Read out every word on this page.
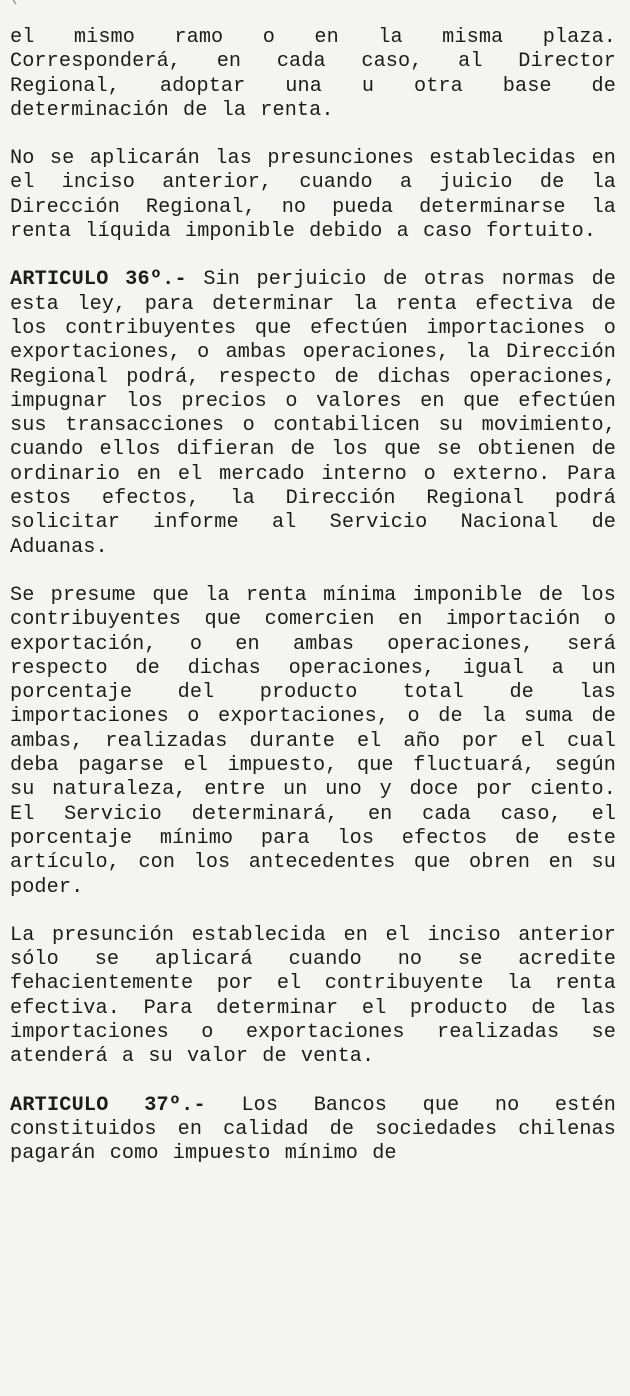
el mismo ramo o en la misma plaza. Corresponderá, en cada caso, al Director Regional, adoptar una u otra base de determinación de la renta.

No se aplicarán las presunciones establecidas en el inciso anterior, cuando a juicio de la Dirección Regional, no pueda determinarse la renta líquida imponible debido a caso fortuito.

ARTICULO 36º.- Sin perjuicio de otras normas de esta ley, para determinar la renta efectiva de los contribuyentes que efectúen importaciones o exportaciones, o ambas operaciones, la Dirección Regional podrá, respecto de dichas operaciones, impugnar los precios o valores en que efectúen sus transacciones o contabilicen su movimiento, cuando ellos difieran de los que se obtienen de ordinario en el mercado interno o externo. Para estos efectos, la Dirección Regional podrá solicitar informe al Servicio Nacional de Aduanas.

Se presume que la renta mínima imponible de los contribuyentes que comercien en importación o exportación, o en ambas operaciones, será respecto de dichas operaciones, igual a un porcentaje del producto total de las importaciones o exportaciones, o de la suma de ambas, realizadas durante el año por el cual deba pagarse el impuesto, que fluctuará, según su naturaleza, entre un uno y doce por ciento. El Servicio determinará, en cada caso, el porcentaje mínimo para los efectos de este artículo, con los antecedentes que obren en su poder.

La presunción establecida en el inciso anterior sólo se aplicará cuando no se acredite fehacientemente por el contribuyente la renta efectiva. Para determinar el producto de las importaciones o exportaciones realizadas se atenderá a su valor de venta.

ARTICULO 37º.- Los Bancos que no estén constituidos en calidad de sociedades chilenas pagarán como impuesto mínimo de
